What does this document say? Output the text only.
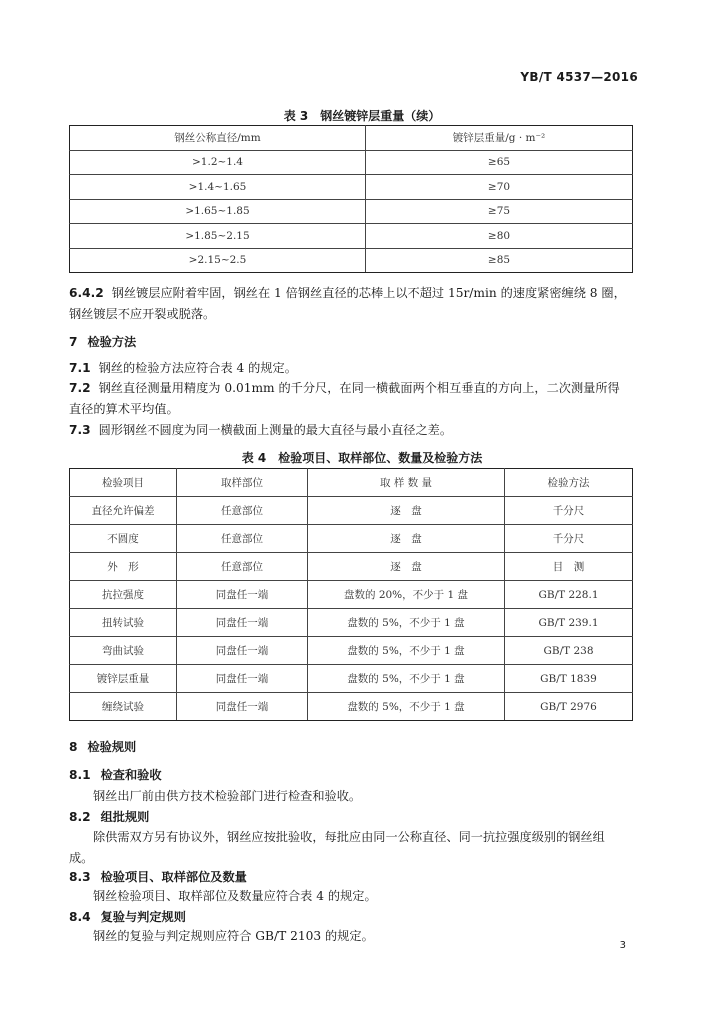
YB/T 4537—2016
表 3　钢丝镀锌层重量（续）
钢丝公称直径/mm	镀锌层重量/g · m⁻²
>1.2~1.4	≥65
>1.4~1.65	≥70
>1.65~1.85	≥75
>1.85~2.15	≥80
>2.15~2.5	≥85
6.4.2 钢丝镀层应附着牢固，钢丝在 1 倍钢丝直径的芯棒上以不超过 15r/min 的速度紧密缠绕 8 圈，
钢丝镀层不应开裂或脱落。
7 检验方法
7.1 钢丝的检验方法应符合表 4 的规定。
7.2 钢丝直径测量用精度为 0.01mm 的千分尺，在同一横截面两个相互垂直的方向上，二次测量所得
直径的算术平均值。
7.3 圆形钢丝不圆度为同一横截面上测量的最大直径与最小直径之差。
表 4　检验项目、取样部位、数量及检验方法
检验项目	取样部位	取 样 数 量	检验方法
直径允许偏差	任意部位	逐　盘	千分尺
不圆度	任意部位	逐　盘	千分尺
外　形	任意部位	逐　盘	目　测
抗拉强度	同盘任一端	盘数的 20%，不少于 1 盘	GB/T 228.1
扭转试验	同盘任一端	盘数的 5%，不少于 1 盘	GB/T 239.1
弯曲试验	同盘任一端	盘数的 5%，不少于 1 盘	GB/T 238
镀锌层重量	同盘任一端	盘数的 5%，不少于 1 盘	GB/T 1839
缠绕试验	同盘任一端	盘数的 5%，不少于 1 盘	GB/T 2976
8 检验规则
8.1 检查和验收
钢丝出厂前由供方技术检验部门进行检查和验收。
8.2 组批规则
除供需双方另有协议外，钢丝应按批验收，每批应由同一公称直径、同一抗拉强度级别的钢丝组
成。
8.3 检验项目、取样部位及数量
钢丝检验项目、取样部位及数量应符合表 4 的规定。
8.4 复验与判定规则
钢丝的复验与判定规则应符合 GB/T 2103 的规定。
3
